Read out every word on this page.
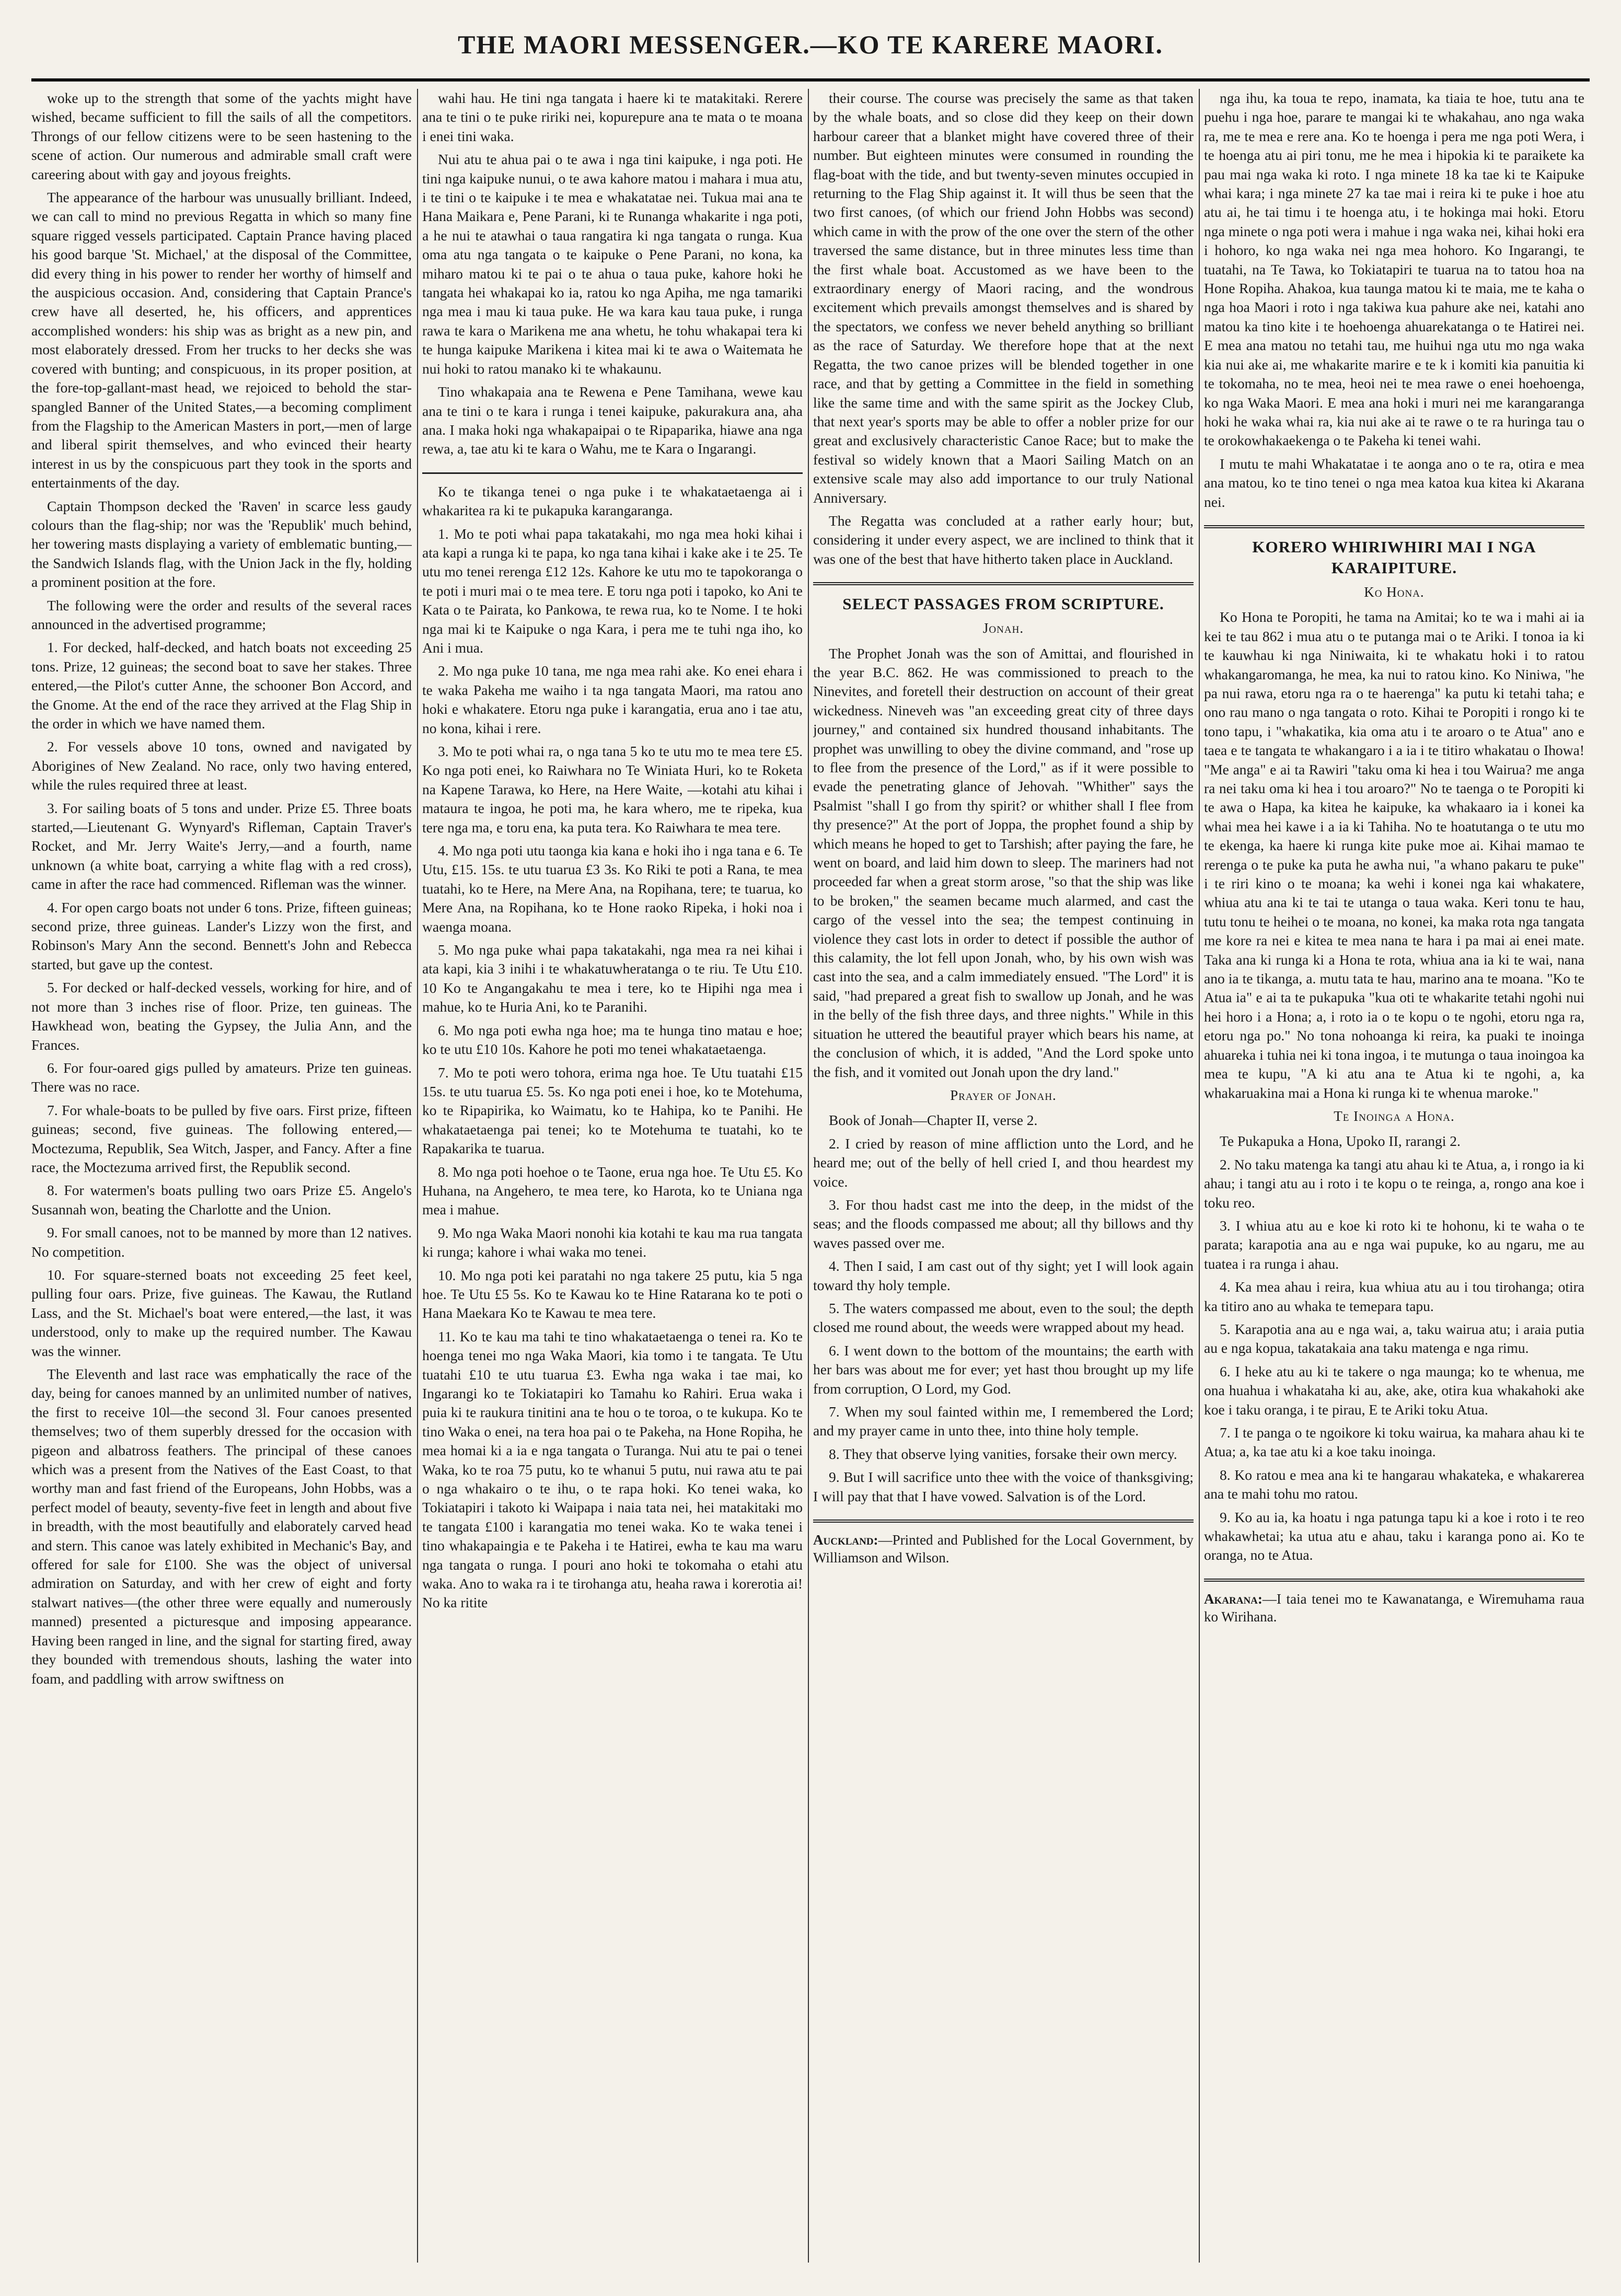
THE MAORI MESSENGER.—KO TE KARERE MAORI.

woke up to the strength that some of the yachts might have wished, became sufficient to fill the sails of all the competitors. Throngs of our fellow citizens were to be seen hastening to the scene of action. Our numerous and admirable small craft were careering about with gay and joyous freights.

The appearance of the harbour was unusually brilliant. Indeed, we can call to mind no previous Regatta in which so many fine square rigged vessels participated. Captain Prance having placed his good barque 'St. Michael,' at the disposal of the Committee, did every thing in his power to render her worthy of himself and the auspicious occasion. And, considering that Captain Prance's crew have all deserted, he, his officers, and apprentices accomplished wonders: his ship was as bright as a new pin, and most elaborately dressed. From her trucks to her decks she was covered with bunting; and conspicuous, in its proper position, at the fore-top-gallant-mast head, we rejoiced to behold the star-spangled Banner of the United States,—a becoming compliment from the Flagship to the American Masters in port,—men of large and liberal spirit themselves, and who evinced their hearty interest in us by the conspicuous part they took in the sports and entertainments of the day.

Captain Thompson decked the 'Raven' in scarce less gaudy colours than the flag-ship; nor was the 'Republik' much behind, her towering masts displaying a variety of emblematic bunting,—the Sandwich Islands flag, with the Union Jack in the fly, holding a prominent position at the fore.

The following were the order and results of the several races announced in the advertised programme;

1. For decked, half-decked, and hatch boats not exceeding 25 tons. Prize, 12 guineas; the second boat to save her stakes. Three entered,—the Pilot's cutter Anne, the schooner Bon Accord, and the Gnome. At the end of the race they arrived at the Flag Ship in the order in which we have named them.

2. For vessels above 10 tons, owned and navigated by Aborigines of New Zealand. No race, only two having entered, while the rules required three at least.

3. For sailing boats of 5 tons and under. Prize £5. Three boats started,—Lieutenant G. Wynyard's Rifleman, Captain Traver's Rocket, and Mr. Jerry Waite's Jerry,—and a fourth, name unknown (a white boat, carrying a white flag with a red cross), came in after the race had commenced. Rifleman was the winner.

4. For open cargo boats not under 6 tons. Prize, fifteen guineas; second prize, three guineas. Lander's Lizzy won the first, and Robinson's Mary Ann the second. Bennett's John and Rebecca started, but gave up the contest.

5. For decked or half-decked vessels, working for hire, and of not more than 3 inches rise of floor. Prize, ten guineas. The Hawkhead won, beating the Gypsey, the Julia Ann, and the Frances.

6. For four-oared gigs pulled by amateurs. Prize ten guineas. There was no race.

7. For whale-boats to be pulled by five oars. First prize, fifteen guineas; second, five guineas. The following entered,—Moctezuma, Republik, Sea Witch, Jasper, and Fancy. After a fine race, the Moctezuma arrived first, the Republik second.

8. For watermen's boats pulling two oars Prize £5. Angelo's Susannah won, beating the Charlotte and the Union.

9. For small canoes, not to be manned by more than 12 natives. No competition.

10. For square-sterned boats not exceeding 25 feet keel, pulling four oars. Prize, five guineas. The Kawau, the Rutland Lass, and the St. Michael's boat were entered,—the last, it was understood, only to make up the required number. The Kawau was the winner.

The Eleventh and last race was emphatically the race of the day, being for canoes manned by an unlimited number of natives, the first to receive 10l—the second 3l. Four canoes presented themselves; two of them superbly dressed for the occasion with pigeon and albatross feathers. The principal of these canoes which was a present from the Natives of the East Coast, to that worthy man and fast friend of the Europeans, John Hobbs, was a perfect model of beauty, seventy-five feet in length and about five in breadth, with the most beautifully and elaborately carved head and stern. This canoe was lately exhibited in Mechanic's Bay, and offered for sale for £100. She was the object of universal admiration on Saturday, and with her crew of eight and forty stalwart natives—(the other three were equally and numerously manned) presented a picturesque and imposing appearance. Having been ranged in line, and the signal for starting fired, away they bounded with tremendous shouts, lashing the water into foam, and paddling with arrow swiftness on

wahi hau. He tini nga tangata i haere ki te matakitaki. Rerere ana te tini o te puke ririki nei, kopurepure ana te mata o te moana i enei tini waka.

Nui atu te ahua pai o te awa i nga tini kaipuke, i nga poti. He tini nga kaipuke nunui, o te awa kahore matou i mahara i mua atu, i te tini o te kaipuke i te mea e whakatatae nei. Tukua mai ana te Hana Maikara e, Pene Parani, ki te Runanga whakarite i nga poti, a he nui te atawhai o taua rangatira ki nga tangata o runga. Kua oma atu nga tangata o te kaipuke o Pene Parani, no kona, ka miharo matou ki te pai o te ahua o taua puke, kahore hoki he tangata hei whakapai ko ia, ratou ko nga Apiha, me nga tamariki nga mea i mau ki taua puke. He wa kara kau taua puke, i runga rawa te kara o Marikena me ana whetu, he tohu whakapai tera ki te hunga kaipuke Marikena i kitea mai ki te awa o Waitemata he nui hoki to ratou manako ki te whakaunu.

Tino whakapaia ana te Rewena e Pene Tamihana, wewe kau ana te tini o te kara i runga i tenei kaipuke, pakurakura ana, aha ana. I maka hoki nga whakapaipai o te Ripaparika, hiawe ana nga rewa, a, tae atu ki te kara o Wahu, me te Kara o Ingarangi.

Ko te tikanga tenei o nga puke i te whakataetaenga ai i whakaritea ra ki te pukapuka karangaranga.

1. Mo te poti whai papa takatakahi, mo nga mea hoki kihai i ata kapi a runga ki te papa, ko nga tana kihai i kake ake i te 25. Te utu mo tenei rerenga £12 12s. Kahore ke utu mo te tapokoranga o te poti i muri mai o te mea tere. E toru nga poti i tapoko, ko Ani te Kata o te Pairata, ko Pankowa, te rewa rua, ko te Nome. I te hoki nga mai ki te Kaipuke o nga Kara, i pera me te tuhi nga iho, ko Ani i mua.

2. Mo nga puke 10 tana, me nga mea rahi ake. Ko enei ehara i te waka Pakeha me waiho i ta nga tangata Maori, ma ratou ano hoki e whakatere. Etoru nga puke i karangatia, erua ano i tae atu, no kona, kihai i rere.

3. Mo te poti whai ra, o nga tana 5 ko te utu mo te mea tere £5. Ko nga poti enei, ko Raiwhara no Te Winiata Huri, ko te Roketa na Kapene Tarawa, ko Here, na Here Waite, —kotahi atu kihai i mataura te ingoa, he poti ma, he kara whero, me te ripeka, kua tere nga ma, e toru ena, ka puta tera. Ko Raiwhara te mea tere.

4. Mo nga poti utu taonga kia kana e hoki iho i nga tana e 6. Te Utu, £15. 15s. te utu tuarua £3 3s. Ko Riki te poti a Rana, te mea tuatahi, ko te Here, na Mere Ana, na Ropihana, tere; te tuarua, ko Mere Ana, na Ropihana, ko te Hone raoko Ripeka, i hoki noa i waenga moana.

5. Mo nga puke whai papa takatakahi, nga mea ra nei kihai i ata kapi, kia 3 inihi i te whakatuwheratanga o te riu. Te Utu £10. 10 Ko te Angangakahu te mea i tere, ko te Hipihi nga mea i mahue, ko te Huria Ani, ko te Paranihi.

6. Mo nga poti ewha nga hoe; ma te hunga tino matau e hoe; ko te utu £10 10s. Kahore he poti mo tenei whakataetaenga.

7. Mo te poti wero tohora, erima nga hoe. Te Utu tuatahi £15 15s. te utu tuarua £5. 5s. Ko nga poti enei i hoe, ko te Motehuma, ko te Ripapirika, ko Waimatu, ko te Hahipa, ko te Panihi. He whakataetaenga pai tenei; ko te Motehuma te tuatahi, ko te Rapakarika te tuarua.

8. Mo nga poti hoehoe o te Taone, erua nga hoe. Te Utu £5. Ko Huhana, na Angehero, te mea tere, ko Harota, ko te Uniana nga mea i mahue.

9. Mo nga Waka Maori nonohi kia kotahi te kau ma rua tangata ki runga; kahore i whai waka mo tenei.

10. Mo nga poti kei paratahi no nga takere 25 putu, kia 5 nga hoe. Te Utu £5 5s. Ko te Kawau ko te Hine Ratarana ko te poti o Hana Maekara Ko te Kawau te mea tere.

11. Ko te kau ma tahi te tino whakataetaenga o tenei ra. Ko te hoenga tenei mo nga Waka Maori, kia tomo i te tangata. Te Utu tuatahi £10 te utu tuarua £3. Ewha nga waka i tae mai, ko Ingarangi ko te Tokiatapiri ko Tamahu ko Rahiri. Erua waka i puia ki te raukura tinitini ana te hou o te toroa, o te kukupa. Ko te tino Waka o enei, na tera hoa pai o te Pakeha, na Hone Ropiha, he mea homai ki a ia e nga tangata o Turanga. Nui atu te pai o tenei Waka, ko te roa 75 putu, ko te whanui 5 putu, nui rawa atu te pai o nga whakairo o te ihu, o te rapa hoki. Ko tenei waka, ko Tokiatapiri i takoto ki Waipapa i naia tata nei, hei matakitaki mo te tangata £100 i karangatia mo tenei waka. Ko te waka tenei i tino whakapaingia e te Pakeha i te Hatirei, ewha te kau ma waru nga tangata o runga. I pouri ano hoki te tokomaha o etahi atu waka. Ano to waka ra i te tirohanga atu, heaha rawa i korerotia ai! No ka ritite

their course. The course was precisely the same as that taken by the whale boats, and so close did they keep on their down harbour career that a blanket might have covered three of their number. But eighteen minutes were consumed in rounding the flag-boat with the tide, and but twenty-seven minutes occupied in returning to the Flag Ship against it. It will thus be seen that the two first canoes, (of which our friend John Hobbs was second) which came in with the prow of the one over the stern of the other traversed the same distance, but in three minutes less time than the first whale boat. Accustomed as we have been to the extraordinary energy of Maori racing, and the wondrous excitement which prevails amongst themselves and is shared by the spectators, we confess we never beheld anything so brilliant as the race of Saturday. We therefore hope that at the next Regatta, the two canoe prizes will be blended together in one race, and that by getting a Committee in the field in something like the same time and with the same spirit as the Jockey Club, that next year's sports may be able to offer a nobler prize for our great and exclusively characteristic Canoe Race; but to make the festival so widely known that a Maori Sailing Match on an extensive scale may also add importance to our truly National Anniversary.

The Regatta was concluded at a rather early hour; but, considering it under every aspect, we are inclined to think that it was one of the best that have hitherto taken place in Auckland.

SELECT PASSAGES FROM SCRIPTURE.
Jonah.

The Prophet Jonah was the son of Amittai, and flourished in the year B.C. 862. He was commissioned to preach to the Ninevites, and foretell their destruction on account of their great wickedness. Nineveh was "an exceeding great city of three days journey," and contained six hundred thousand inhabitants. The prophet was unwilling to obey the divine command, and "rose up to flee from the presence of the Lord," as if it were possible to evade the penetrating glance of Jehovah. "Whither" says the Psalmist "shall I go from thy spirit? or whither shall I flee from thy presence?" At the port of Joppa, the prophet found a ship by which means he hoped to get to Tarshish; after paying the fare, he went on board, and laid him down to sleep. The mariners had not proceeded far when a great storm arose, "so that the ship was like to be broken," the seamen became much alarmed, and cast the cargo of the vessel into the sea; the tempest continuing in violence they cast lots in order to detect if possible the author of this calamity, the lot fell upon Jonah, who, by his own wish was cast into the sea, and a calm immediately ensued. "The Lord" it is said, "had prepared a great fish to swallow up Jonah, and he was in the belly of the fish three days, and three nights." While in this situation he uttered the beautiful prayer which bears his name, at the conclusion of which, it is added, "And the Lord spoke unto the fish, and it vomited out Jonah upon the dry land."

Prayer of Jonah.

Book of Jonah—Chapter II, verse 2.

2. I cried by reason of mine affliction unto the Lord, and he heard me; out of the belly of hell cried I, and thou heardest my voice.

3. For thou hadst cast me into the deep, in the midst of the seas; and the floods compassed me about; all thy billows and thy waves passed over me.

4. Then I said, I am cast out of thy sight; yet I will look again toward thy holy temple.

5. The waters compassed me about, even to the soul; the depth closed me round about, the weeds were wrapped about my head.

6. I went down to the bottom of the mountains; the earth with her bars was about me for ever; yet hast thou brought up my life from corruption, O Lord, my God.

7. When my soul fainted within me, I remembered the Lord; and my prayer came in unto thee, into thine holy temple.

8. They that observe lying vanities, forsake their own mercy.

9. But I will sacrifice unto thee with the voice of thanksgiving; I will pay that that I have vowed. Salvation is of the Lord.

Auckland:—Printed and Published for the Local Government, by Williamson and Wilson.

nga ihu, ka toua te repo, inamata, ka tiaia te hoe, tutu ana te puehu i nga hoe, parare te mangai ki te whakahau, ano nga waka ra, me te mea e rere ana. Ko te hoenga i pera me nga poti Wera, i te hoenga atu ai piri tonu, me he mea i hipokia ki te paraikete ka pau mai nga waka ki roto. I nga minete 18 ka tae ki te Kaipuke whai kara; i nga minete 27 ka tae mai i reira ki te puke i hoe atu atu ai, he tai timu i te hoenga atu, i te hokinga mai hoki. Etoru nga minete o nga poti wera i mahue i nga waka nei, kihai hoki era i hohoro, ko nga waka nei nga mea hohoro. Ko Ingarangi, te tuatahi, na Te Tawa, ko Tokiatapiri te tuarua na to tatou hoa na Hone Ropiha. Ahakoa, kua taunga matou ki te maia, me te kaha o nga hoa Maori i roto i nga takiwa kua pahure ake nei, katahi ano matou ka tino kite i te hoehoenga ahuarekatanga o te Hatirei nei. E mea ana matou no tetahi tau, me huihui nga utu mo nga waka kia nui ake ai, me whakarite marire e te k i komiti kia panuitia ki te tokomaha, no te mea, heoi nei te mea rawe o enei hoehoenga, ko nga Waka Maori. E mea ana hoki i muri nei me karangaranga hoki he waka whai ra, kia nui ake ai te rawe o te ra huringa tau o te orokowhakaekenga o te Pakeha ki tenei wahi.

I mutu te mahi Whakatatae i te aonga ano o te ra, otira e mea ana matou, ko te tino tenei o nga mea katoa kua kitea ki Akarana nei.

KORERO WHIRIWHIRI MAI I NGA KARAIPITURE.
Ko Hona.

Ko Hona te Poropiti, he tama na Amitai; ko te wa i mahi ai ia kei te tau 862 i mua atu o te putanga mai o te Ariki. I tonoa ia ki te kauwhau ki nga Niniwaita, ki te whakatu hoki i to ratou whakangaromanga, he mea, ka nui to ratou kino. Ko Niniwa, "he pa nui rawa, etoru nga ra o te haerenga" ka putu ki tetahi taha; e ono rau mano o nga tangata o roto. Kihai te Poropiti i rongo ki te tono tapu, i "whakatika, kia oma atu i te aroaro o te Atua" ano e taea e te tangata te whakangaro i a ia i te titiro whakatau o Ihowa! "Me anga" e ai ta Rawiri "taku oma ki hea i tou Wairua? me anga ra nei taku oma ki hea i tou aroaro?" No te taenga o te Poropiti ki te awa o Hapa, ka kitea he kaipuke, ka whakaaro ia i konei ka whai mea hei kawe i a ia ki Tahiha. No te hoatutanga o te utu mo te ekenga, ka haere ki runga kite puke moe ai. Kihai mamao te rerenga o te puke ka puta he awha nui, "a whano pakaru te puke" i te riri kino o te moana; ka wehi i konei nga kai whakatere, whiua atu ana ki te tai te utanga o taua waka. Keri tonu te hau, tutu tonu te heihei o te moana, no konei, ka maka rota nga tangata me kore ra nei e kitea te mea nana te hara i pa mai ai enei mate. Taka ana ki runga ki a Hona te rota, whiua ana ia ki te wai, nana ano ia te tikanga, a. mutu tata te hau, marino ana te moana. "Ko te Atua ia" e ai ta te pukapuka "kua oti te whakarite tetahi ngohi nui hei horo i a Hona; a, i roto ia o te kopu o te ngohi, etoru nga ra, etoru nga po." No tona nohoanga ki reira, ka puaki te inoinga ahuareka i tuhia nei ki tona ingoa, i te mutunga o taua inoingoa ka mea te kupu, "A ki atu ana te Atua ki te ngohi, a, ka whakaruakina mai a Hona ki runga ki te whenua maroke."

Te Inoinga a Hona.

Te Pukapuka a Hona, Upoko II, rarangi 2.

2. No taku matenga ka tangi atu ahau ki te Atua, a, i rongo ia ki ahau; i tangi atu au i roto i te kopu o te reinga, a, rongo ana koe i toku reo.

3. I whiua atu au e koe ki roto ki te hohonu, ki te waha o te parata; karapotia ana au e nga wai pupuke, ko au ngaru, me au tuatea i ra runga i ahau.

4. Ka mea ahau i reira, kua whiua atu au i tou tirohanga; otira ka titiro ano au whaka te temepara tapu.

5. Karapotia ana au e nga wai, a, taku wairua atu; i araia putia au e nga kopua, takatakaia ana taku matenga e nga rimu.

6. I heke atu au ki te takere o nga maunga; ko te whenua, me ona huahua i whakataha ki au, ake, ake, otira kua whakahoki ake koe i taku oranga, i te pirau, E te Ariki toku Atua.

7. I te panga o te ngoikore ki toku wairua, ka mahara ahau ki te Atua; a, ka tae atu ki a koe taku inoinga.

8. Ko ratou e mea ana ki te hangarau whakateka, e whakarerea ana te mahi tohu mo ratou.

9. Ko au ia, ka hoatu i nga patunga tapu ki a koe i roto i te reo whakawhetai; ka utua atu e ahau, taku i karanga pono ai. Ko te oranga, no te Atua.

Akarana:—I taia tenei mo te Kawanatanga, e Wiremuhama raua ko Wirihana.
